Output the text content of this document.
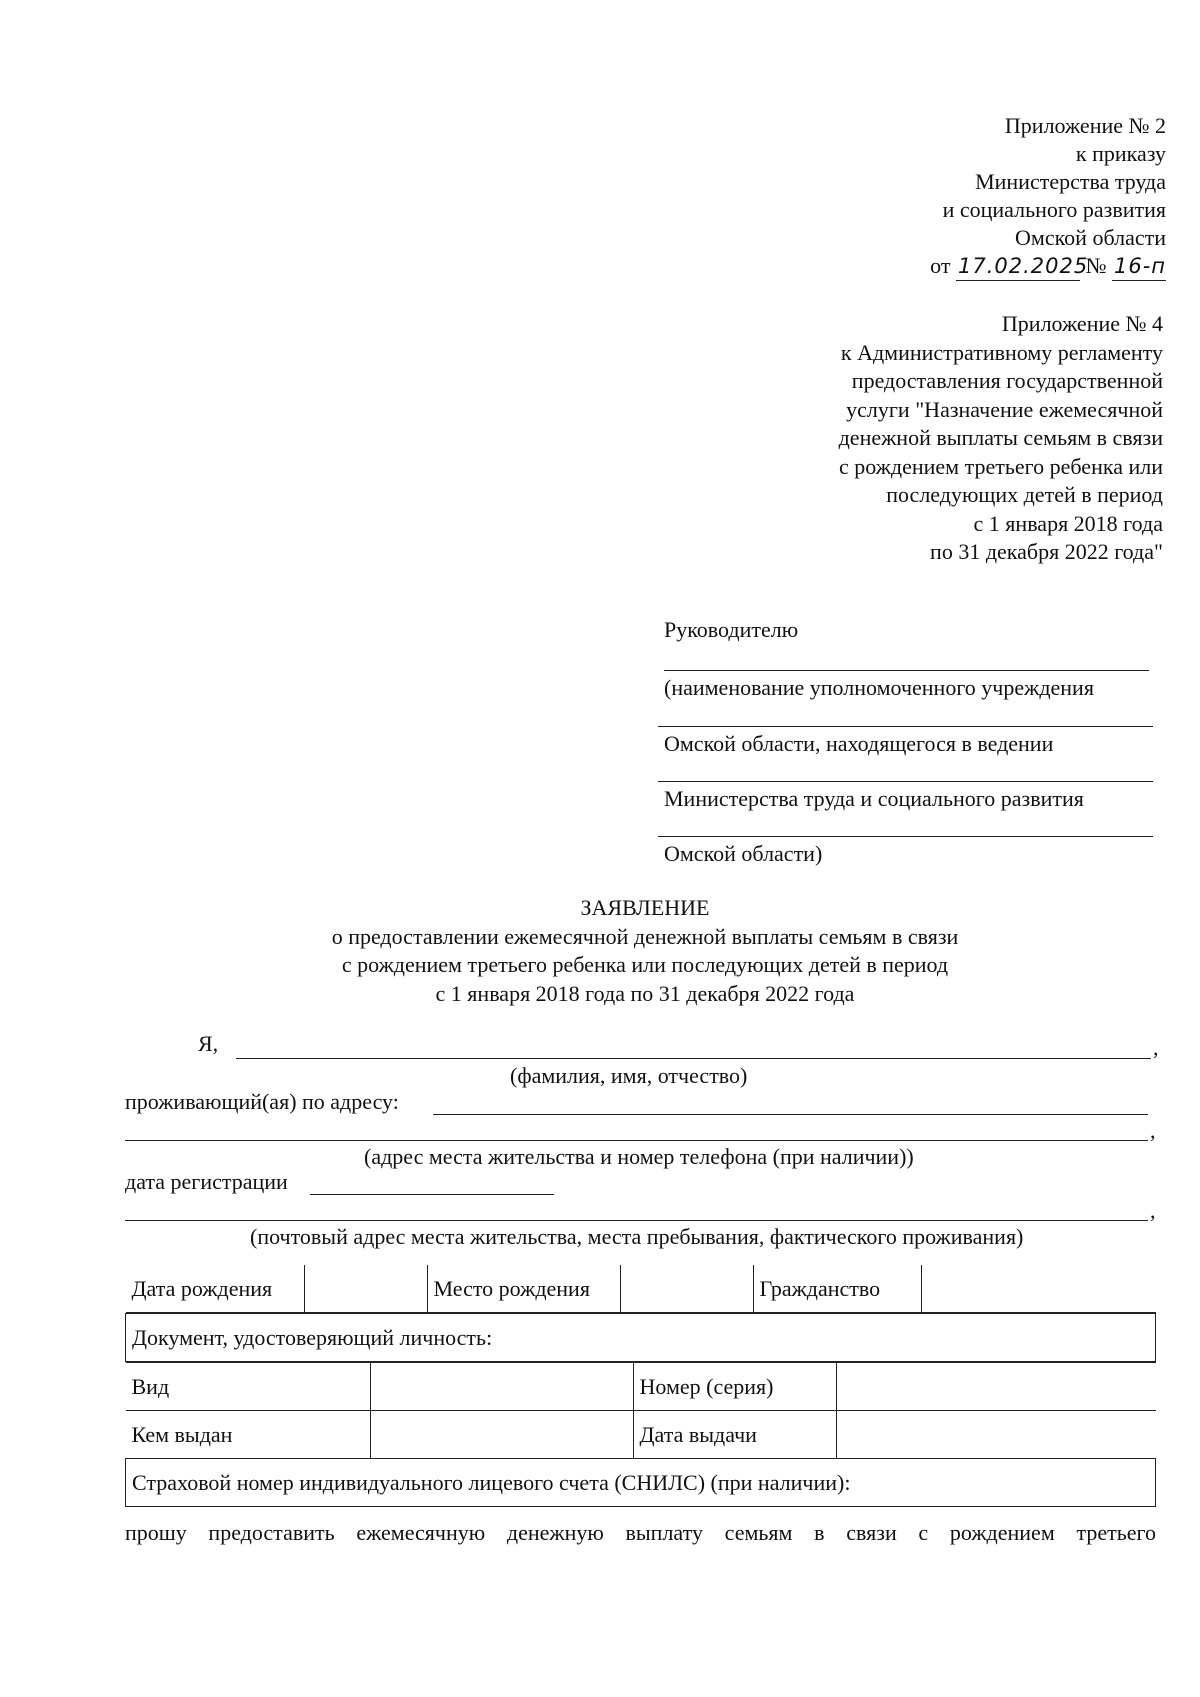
Приложение № 2
к приказу
Министерства труда
и социального развития
Омской области
от 17.02.2025 № 16-п
Приложение № 4
к Административному регламенту
предоставления государственной
услуги "Назначение ежемесячной
денежной выплаты семьям в связи
с рождением третьего ребенка или
последующих детей в период
с 1 января 2018 года
по 31 декабря 2022 года"
Руководителю
(наименование уполномоченного учреждения
Омской области, находящегося в ведении
Министерства труда и социального развития
Омской области)
ЗАЯВЛЕНИЕ
о предоставлении ежемесячной денежной выплаты семьям в связи
с рождением третьего ребенка или последующих детей в период
с 1 января 2018 года по 31 декабря 2022 года
Я,	,
(фамилия, имя, отчество)
проживающий(ая) по адресу:
,
(адрес места жительства и номер телефона (при наличии))
дата регистрации
,
(почтовый адрес места жительства, места пребывания, фактического проживания)
Дата рождения		Место рождения		Гражданство	

Документ, удостоверяющий личность:

Вид		Номер (серия)	
Кем выдан		Дата выдачи	

Страховой номер индивидуального лицевого счета (СНИЛС) (при наличии):
прошу предоставить ежемесячную денежную выплату семьям в связи с рождением третьего
